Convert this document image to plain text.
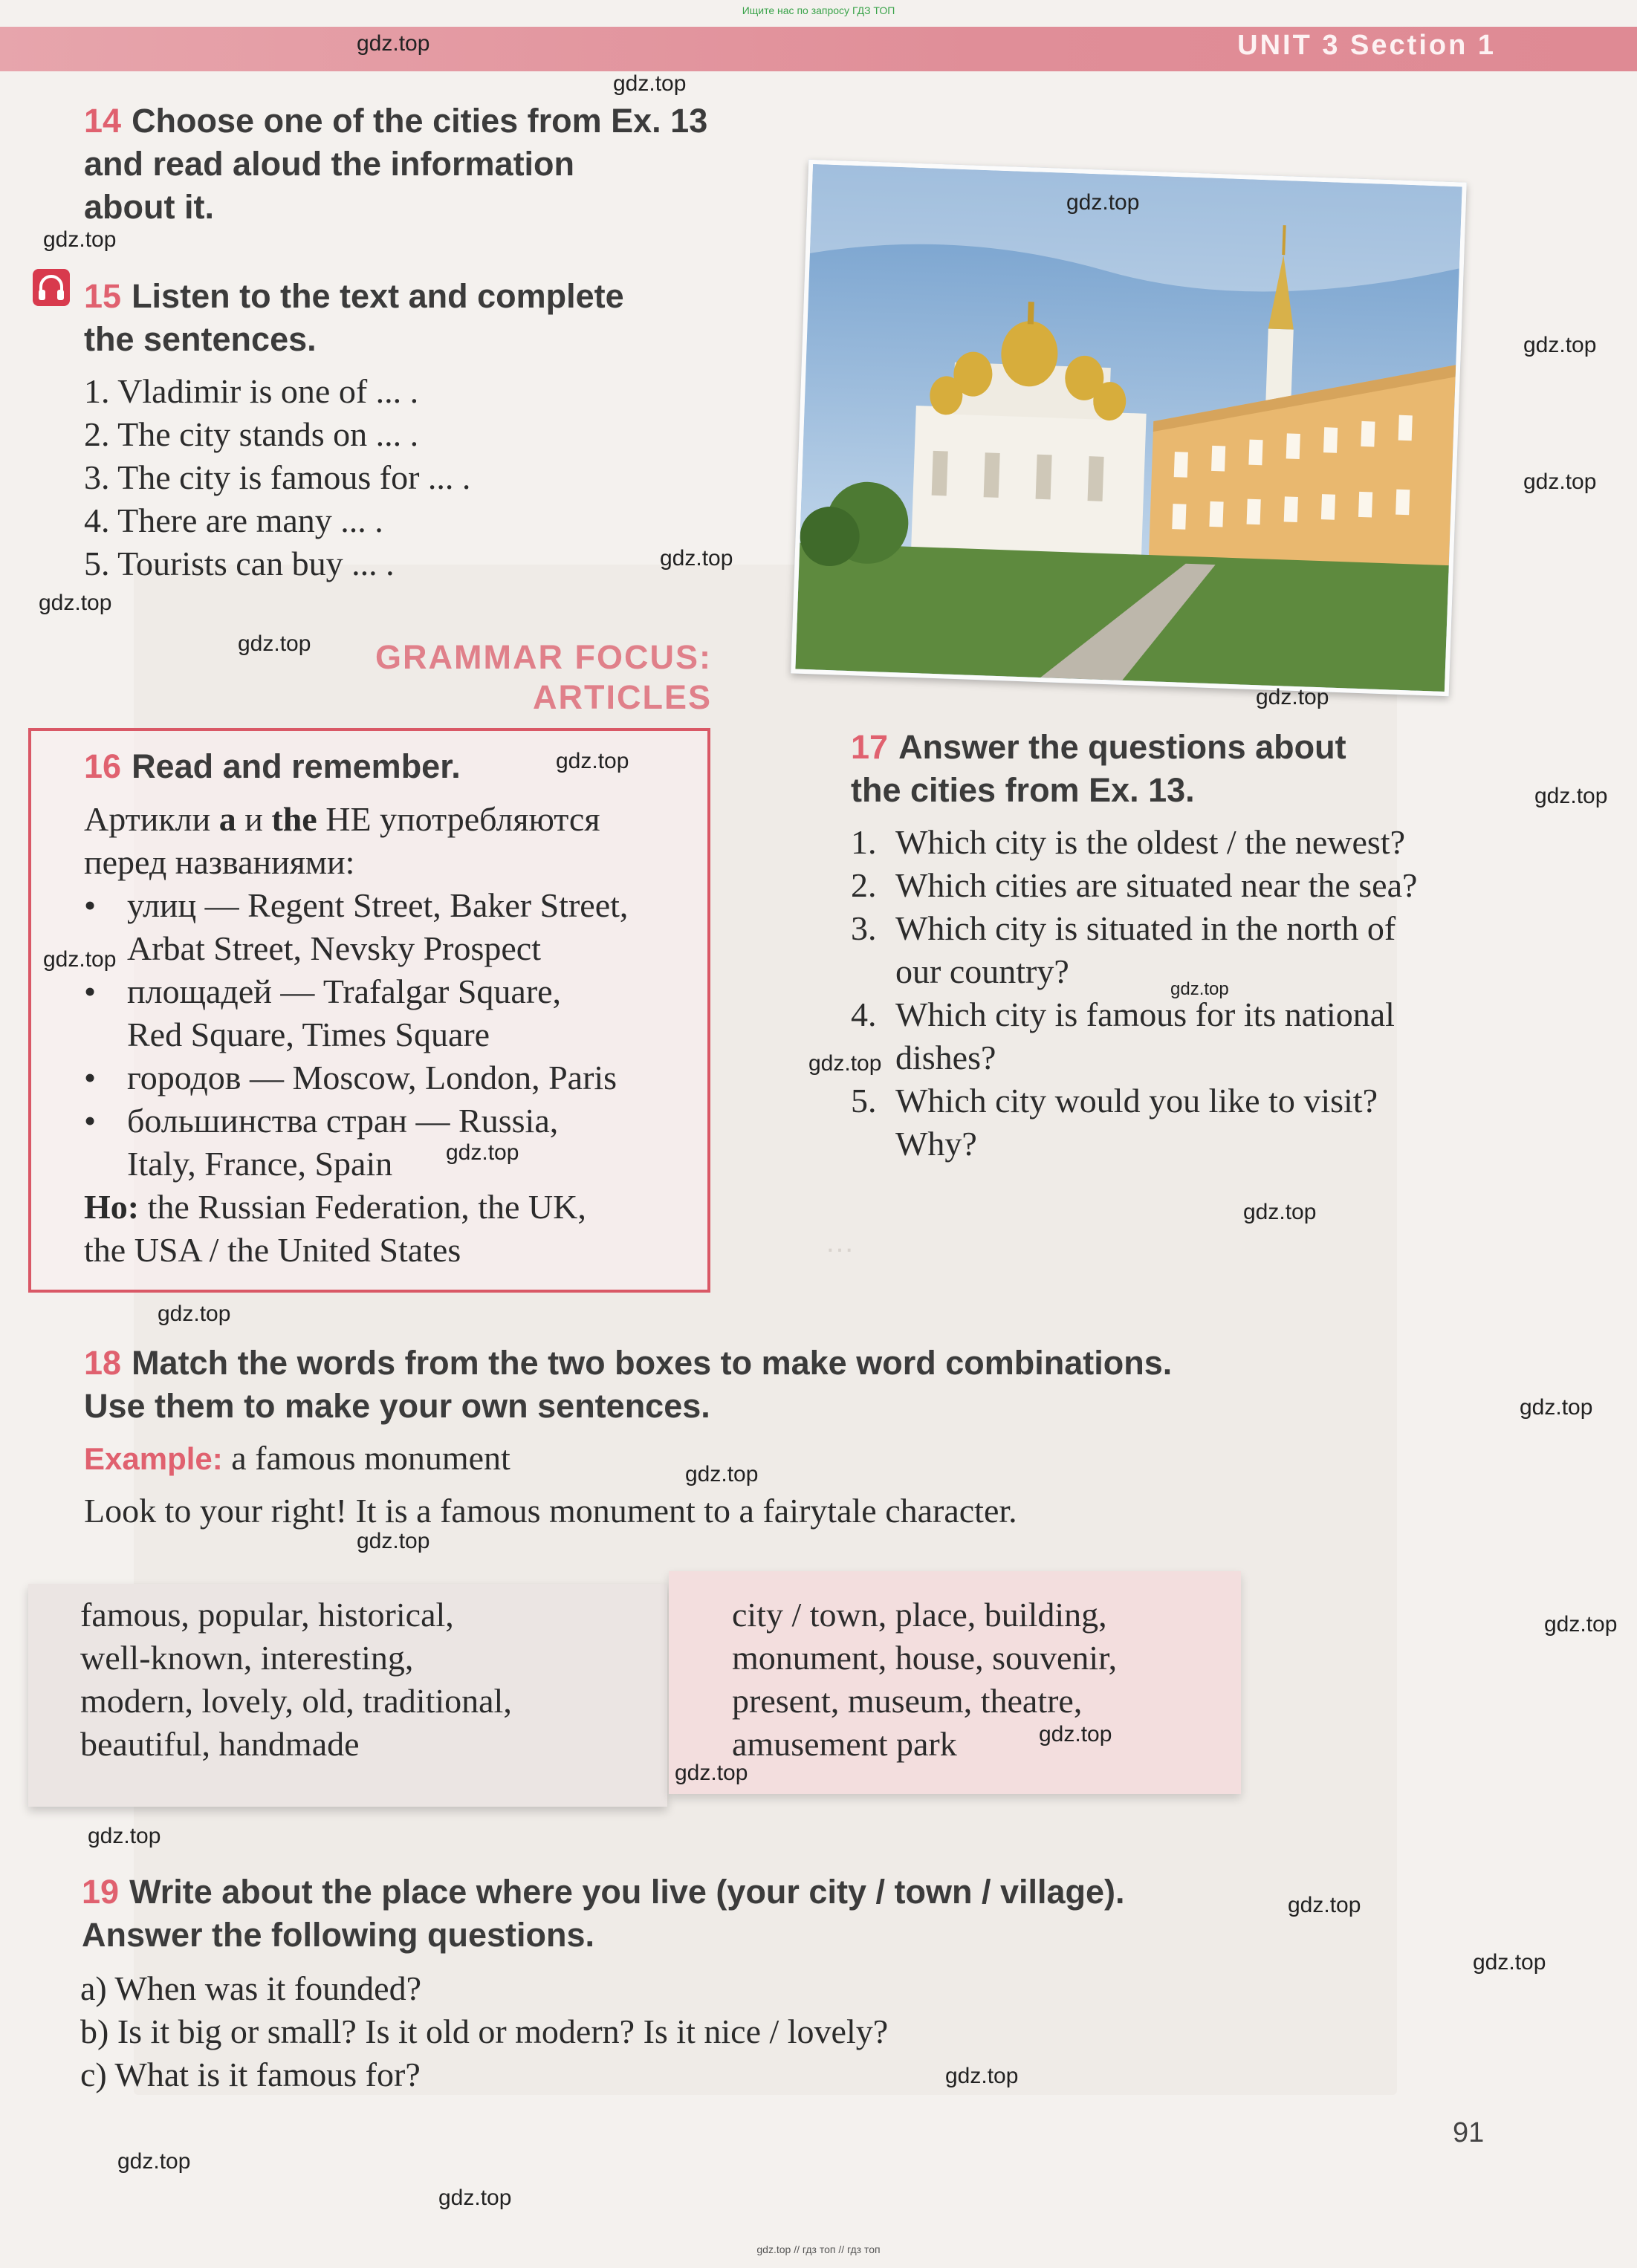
…
Ищите нас по запросу ГДЗ ТОП
UNIT 3 Section 1
14 Choose one of the cities from Ex. 13
and read aloud the information
about it.
15 Listen to the text and complete
the sentences.
1. Vladimir is one of ... .
2. The city stands on ... .
3. The city is famous for ... .
4. There are many ... .
5. Tourists can buy ... .
GRAMMAR FOCUS:
ARTICLES
16 Read and remember.
Артикли a и the НЕ употребляются
перед названиями:
• улиц — Regent Street, Baker Street,
Arbat Street, Nevsky Prospect
• площадей — Trafalgar Square,
Red Square, Times Square
• городов — Moscow, London, Paris
• большинства стран — Russia,
Italy, France, Spain
Но: the Russian Federation, the UK,
the USA / the United States
17 Answer the questions about
the cities from Ex. 13.
1. Which city is the oldest / the newest?
2. Which cities are situated near the sea?
3. Which city is situated in the north of
our country?
4. Which city is famous for its national
dishes?
5. Which city would you like to visit?
Why?
18 Match the words from the two boxes to make word combinations.
Use them to make your own sentences.
Example: a famous monument
Look to your right! It is a famous monument to a fairytale character.
famous, popular, historical,
well-known, interesting,
modern, lovely, old, traditional,
beautiful, handmade
city / town, place, building,
monument, house, souvenir,
present, museum, theatre,
amusement park
19 Write about the place where you live (your city / town / village).
Answer the following questions.
a) When was it founded?
b) Is it big or small? Is it old or modern? Is it nice / lovely?
c) What is it famous for?
91
gdz.top
gdz.top
gdz.top
gdz.top
gdz.top
gdz.top
gdz.top
gdz.top
gdz.top
gdz.top
gdz.top
gdz.top
gdz.top
gdz.top
gdz.top
gdz.top
gdz.top
gdz.top
gdz.top
gdz.top
gdz.top
gdz.top
gdz.top
gdz.top
gdz.top
gdz.top
gdz.top
gdz.top
gdz.top
gdz.top
gdz.top // гдз топ // гдз топ
